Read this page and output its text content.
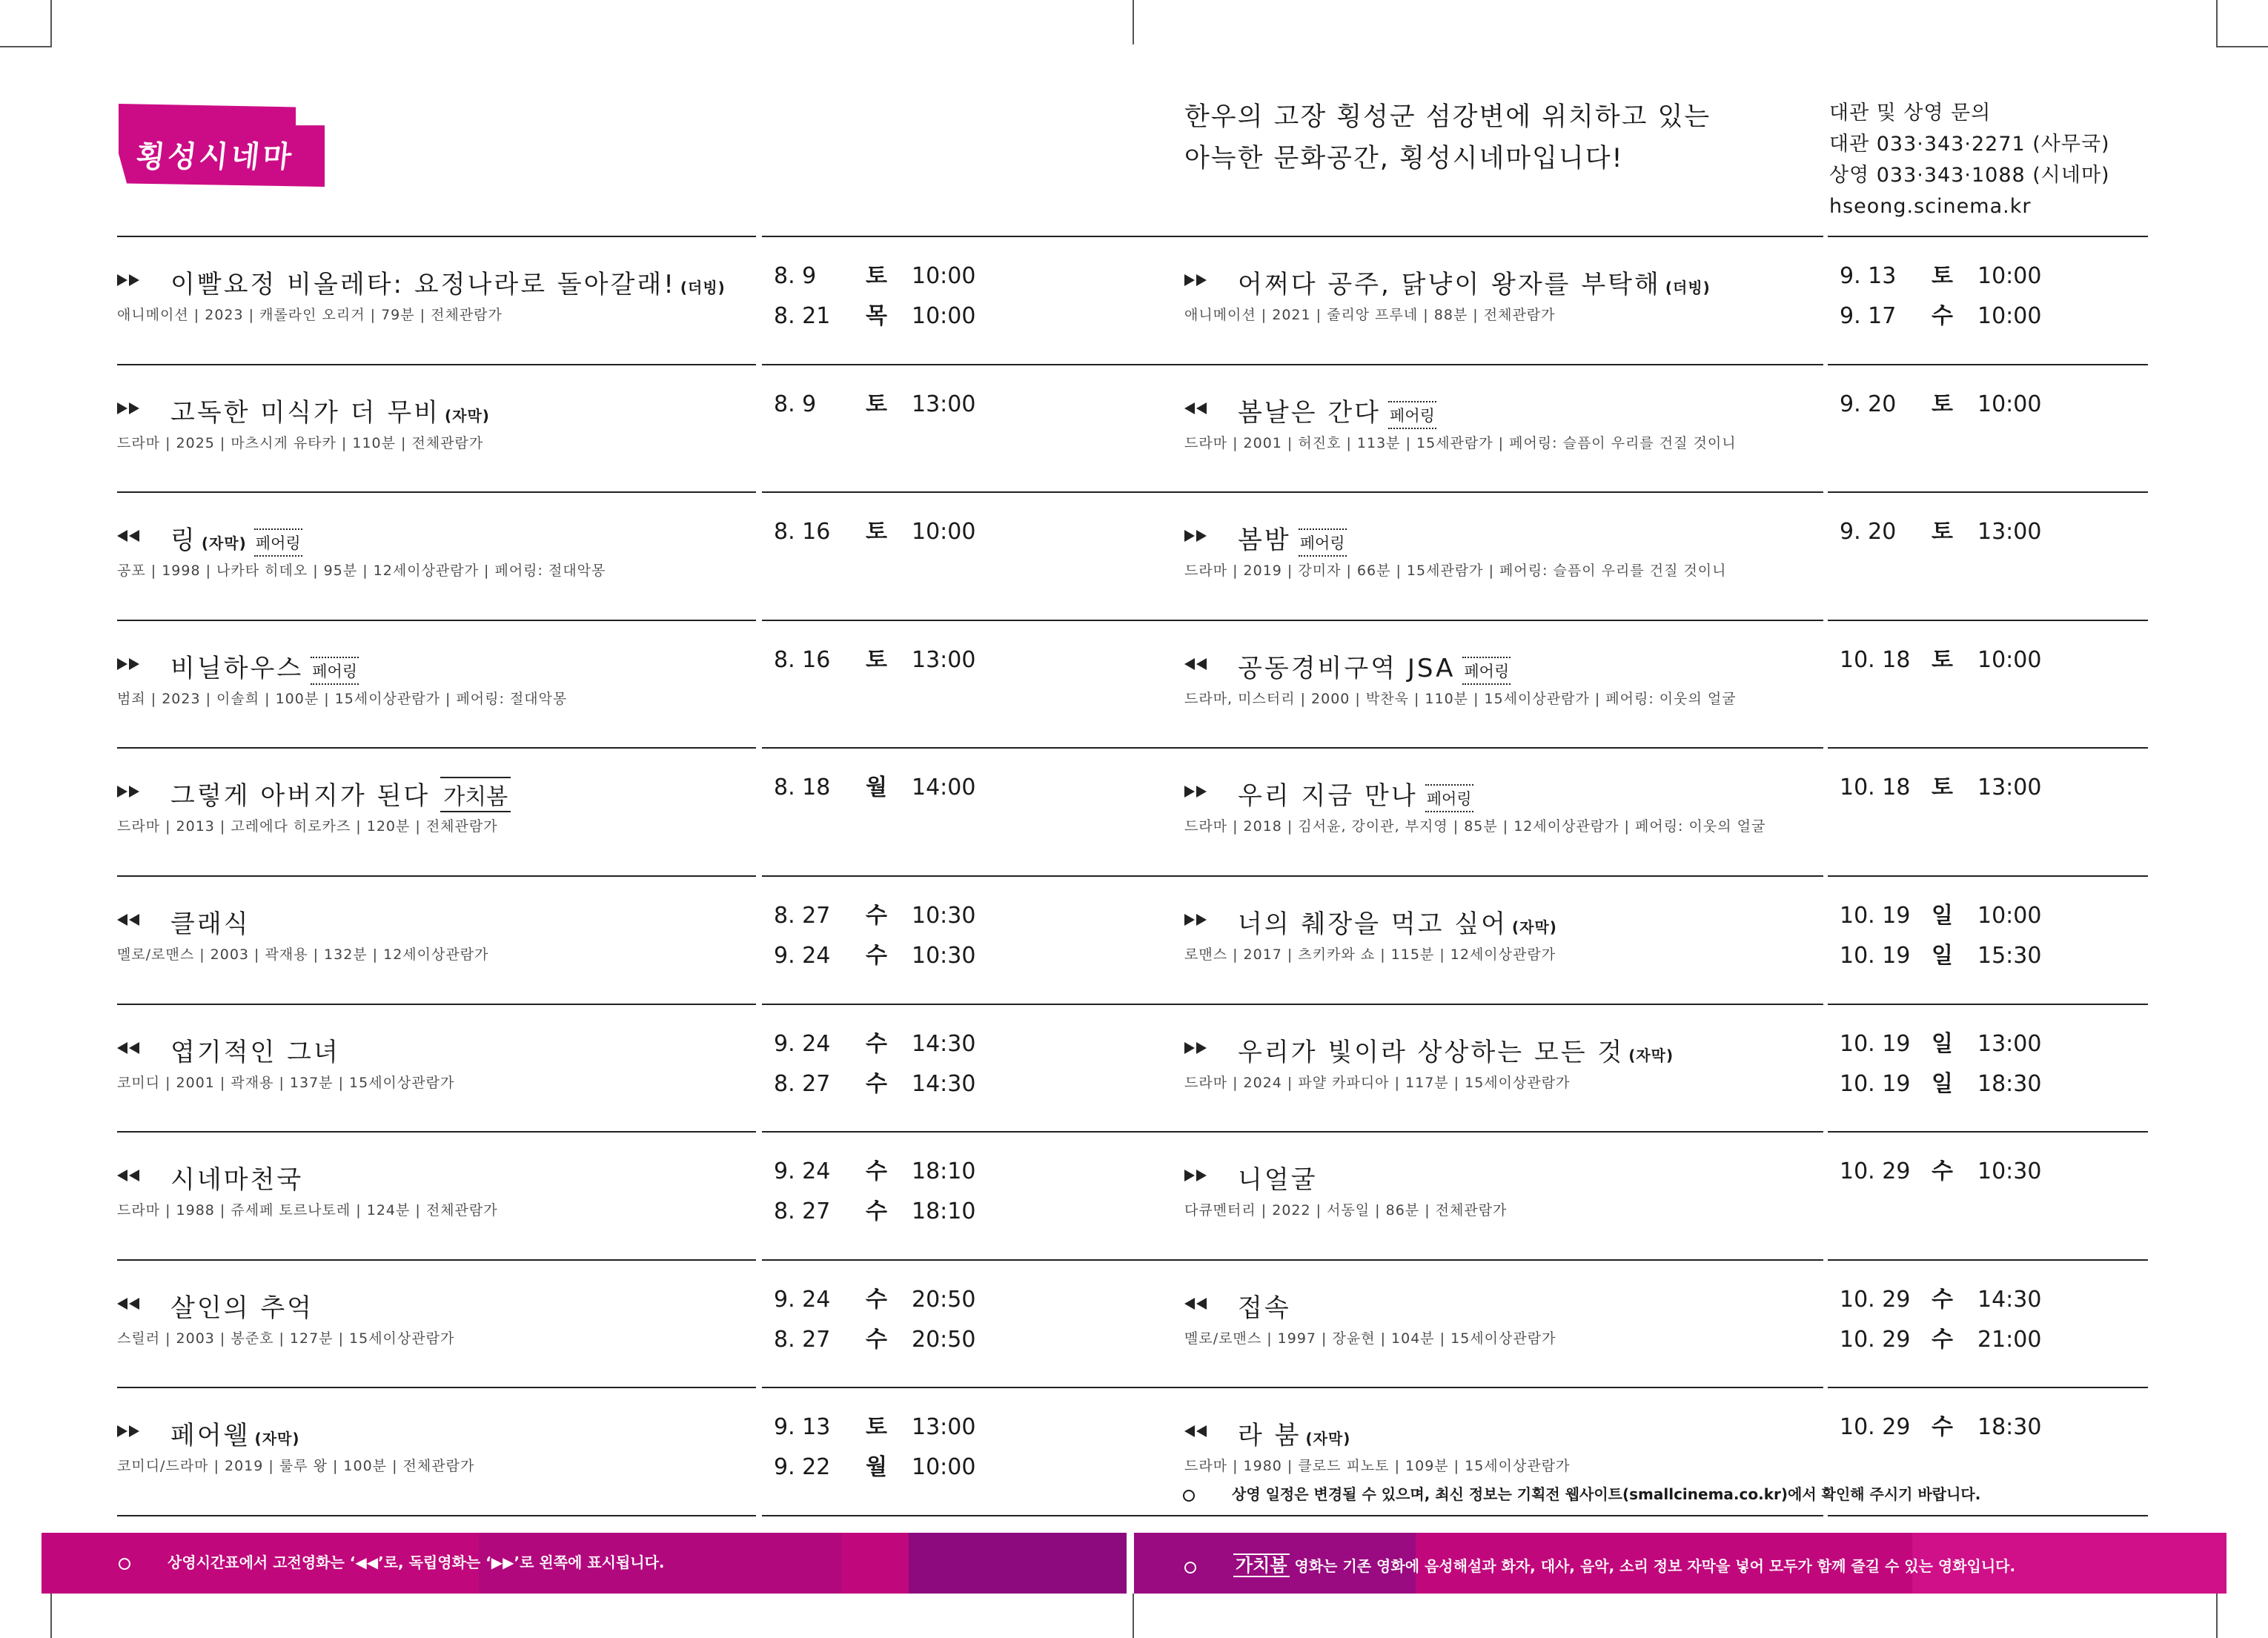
횡성시네마
한우의 고장 횡성군 섬강변에 위치하고 있는
아늑한 문화공간, 횡성시네마입니다!
대관 및 상영 문의
대관 033·343·2271 (사무국)
상영 033·343·1088 (시네마)
hseong.scinema.kr
이빨요정 비올레타: 요정나라로 돌아갈래! (더빙)
애니메이션 | 2023 | 캐롤라인 오리거 | 79분 | 전체관람가
8. 9 토 10:00
8. 21 목 10:00
고독한 미식가 더 무비 (자막)
드라마 | 2025 | 마츠시게 유타카 | 110분 | 전체관람가
8. 9 토 13:00
링 (자막) 페어링
공포 | 1998 | 나카타 히데오 | 95분 | 12세이상관람가 | 페어링: 절대악몽
8. 16 토 10:00
비닐하우스 페어링
범죄 | 2023 | 이솔희 | 100분 | 15세이상관람가 | 페어링: 절대악몽
8. 16 토 13:00
그렇게 아버지가 된다 가치봄
드라마 | 2013 | 고레에다 히로카즈 | 120분 | 전체관람가
8. 18 월 14:00
클래식
멜로/로맨스 | 2003 | 곽재용 | 132분 | 12세이상관람가
8. 27 수 10:30
9. 24 수 10:30
엽기적인 그녀
코미디 | 2001 | 곽재용 | 137분 | 15세이상관람가
9. 24 수 14:30
8. 27 수 14:30
시네마천국
드라마 | 1988 | 쥬세페 토르나토레 | 124분 | 전체관람가
9. 24 수 18:10
8. 27 수 18:10
살인의 추억
스릴러 | 2003 | 봉준호 | 127분 | 15세이상관람가
9. 24 수 20:50
8. 27 수 20:50
페어웰 (자막)
코미디/드라마 | 2019 | 룰루 왕 | 100분 | 전체관람가
9. 13 토 13:00
9. 22 월 10:00
어쩌다 공주, 닭냥이 왕자를 부탁해 (더빙)
애니메이션 | 2021 | 줄리앙 프루네 | 88분 | 전체관람가
9. 13 토 10:00
9. 17 수 10:00
봄날은 간다 페어링
드라마 | 2001 | 허진호 | 113분 | 15세관람가 | 페어링: 슬픔이 우리를 건질 것이니
9. 20 토 10:00
봄밤 페어링
드라마 | 2019 | 강미자 | 66분 | 15세관람가 | 페어링: 슬픔이 우리를 건질 것이니
9. 20 토 13:00
공동경비구역 JSA 페어링
드라마, 미스터리 | 2000 | 박찬욱 | 110분 | 15세이상관람가 | 페어링: 이웃의 얼굴
10. 18 토 10:00
우리 지금 만나 페어링
드라마 | 2018 | 김서윤, 강이관, 부지영 | 85분 | 12세이상관람가 | 페어링: 이웃의 얼굴
10. 18 토 13:00
너의 췌장을 먹고 싶어 (자막)
로맨스 | 2017 | 츠키카와 쇼 | 115분 | 12세이상관람가
10. 19 일 10:00
10. 19 일 15:30
우리가 빛이라 상상하는 모든 것 (자막)
드라마 | 2024 | 파얄 카파디아 | 117분 | 15세이상관람가
10. 19 일 13:00
10. 19 일 18:30
니얼굴
다큐멘터리 | 2022 | 서동일 | 86분 | 전체관람가
10. 29 수 10:30
접속
멜로/로맨스 | 1997 | 장윤현 | 104분 | 15세이상관람가
10. 29 수 14:30
10. 29 수 21:00
라 붐 (자막)
드라마 | 1980 | 클로드 피노토 | 109분 | 15세이상관람가
10. 29 수 18:30
상영 일정은 변경될 수 있으며, 최신 정보는 기획전 웹사이트(smallcinema.co.kr)에서 확인해 주시기 바랍니다.
상영시간표에서 고전영화는 ‘◀◀’로, 독립영화는 ‘▶▶’로 왼쪽에 표시됩니다.	가치봄 영화는 기존 영화에 음성해설과 화자, 대사, 음악, 소리 정보 자막을 넣어 모두가 함께 즐길 수 있는 영화입니다.
